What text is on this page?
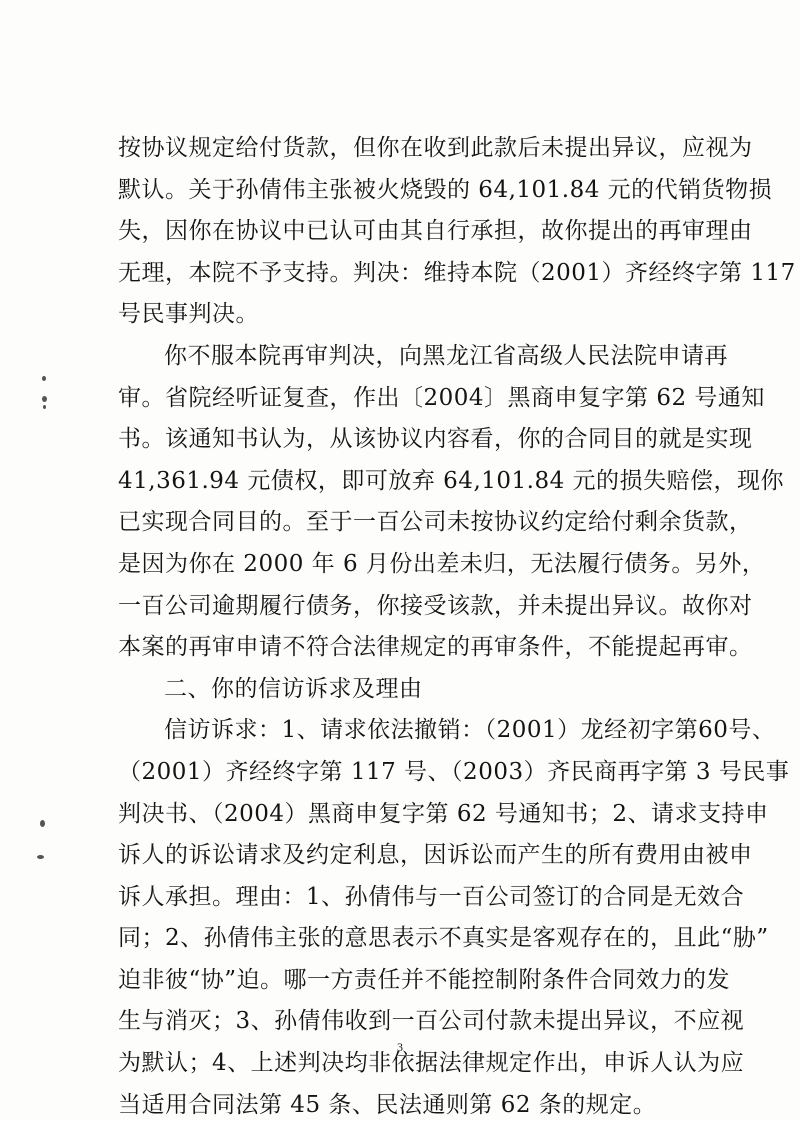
按协议规定给付货款，但你在收到此款后未提出异议，应视为
默认。关于孙倩伟主张被火烧毁的 64,101.84 元的代销货物损
失，因你在协议中已认可由其自行承担，故你提出的再审理由
无理，本院不予支持。判决：维持本院（2001）齐经终字第 117
号民事判决。
你不服本院再审判决，向黑龙江省高级人民法院申请再
审。省院经听证复查，作出〔2004〕黑商申复字第 62 号通知
书。该通知书认为，从该协议内容看，你的合同目的就是实现
41,361.94 元债权，即可放弃 64,101.84 元的损失赔偿，现你
已实现合同目的。至于一百公司未按协议约定给付剩余货款，
是因为你在 2000 年 6 月份出差未归，无法履行债务。另外，
一百公司逾期履行债务，你接受该款，并未提出异议。故你对
本案的再审申请不符合法律规定的再审条件，不能提起再审。
二、你的信访诉求及理由
信访诉求：1、请求依法撤销：（2001）龙经初字第60号、
（2001）齐经终字第 117 号、（2003）齐民商再字第 3 号民事
判决书、（2004）黑商申复字第 62 号通知书；2、请求支持申
诉人的诉讼请求及约定利息，因诉讼而产生的所有费用由被申
诉人承担。理由：1、孙倩伟与一百公司签订的合同是无效合
同；2、孙倩伟主张的意思表示不真实是客观存在的，且此“胁”
迫非彼“协”迫。哪一方责任并不能控制附条件合同效力的发
生与消灭；3、孙倩伟收到一百公司付款未提出异议，不应视
为默认；4、上述判决均非依据法律规定作出，申诉人认为应
当适用合同法第 45 条、民法通则第 62 条的规定。
3
